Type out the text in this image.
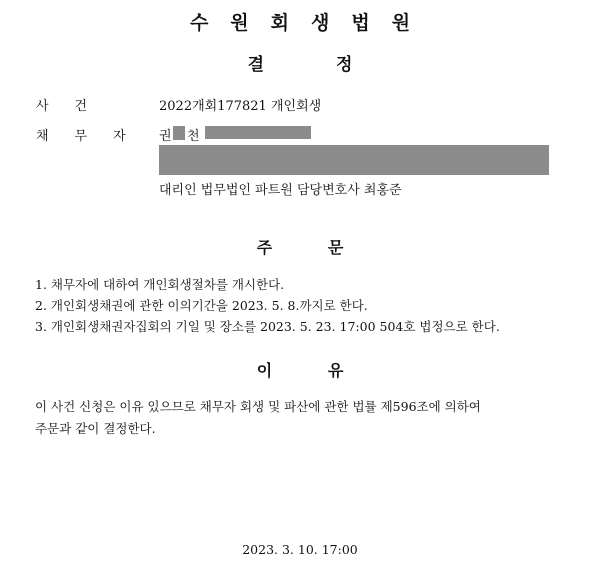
수원회생법원
결정
사건	2022개회177821 개인회생
채무자 권 천
대리인 법무법인 파트원 담당변호사 최홍준
주          문
1. 채무자에 대하여 개인회생절차를 개시한다.
2. 개인회생채권에 관한 이의기간을 2023. 5. 8.까지로 한다.
3. 개인회생채권자집회의 기일 및 장소를 2023. 5. 23. 17:00 504호 법정으로 한다.
이          유
이 사건 신청은 이유 있으므로 채무자 회생 및 파산에 관한 법률 제596조에 의하여
주문과 같이 결정한다.
2023. 3. 10. 17:00
